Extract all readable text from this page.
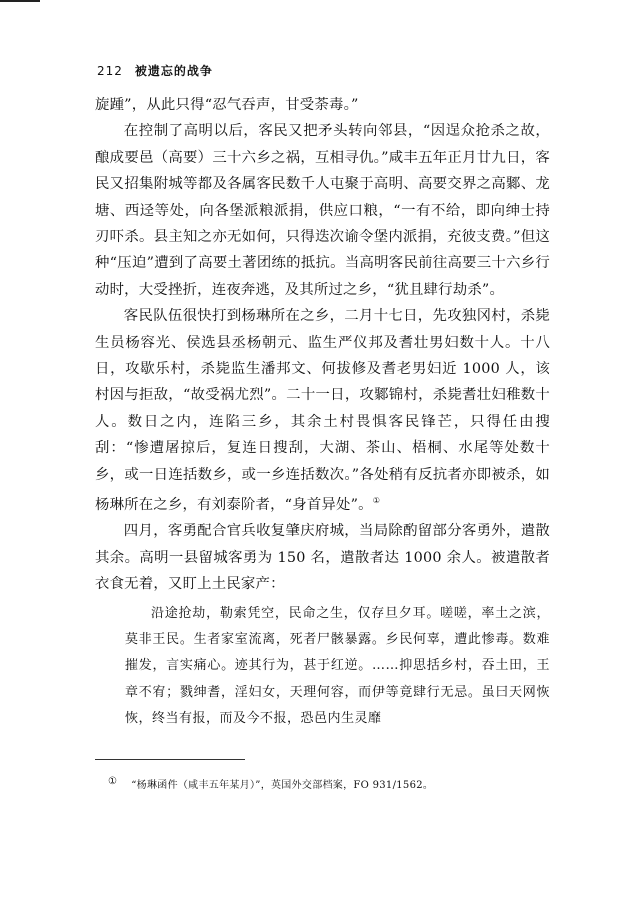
212 被遗忘的战争

旋踵”，从此只得“忍气吞声，甘受荼毒。”

在控制了高明以后，客民又把矛头转向邻县，“因逞众抢杀之故，酿成要邑（高要）三十六乡之祸，互相寻仇。”咸丰五年正月廿九日，客民又招集附城等都及各属客民数千人屯聚于高明、高要交界之高鄹、龙塘、西迳等处，向各堡派粮派捐，供应口粮，“一有不给，即向绅士持刃吓杀。县主知之亦无如何，只得迭次谕令堡内派捐，充彼支费。”但这种“压迫”遭到了高要土著团练的抵抗。当高明客民前往高要三十六乡行动时，大受挫折，连夜奔逃，及其所过之乡，“犹且肆行劫杀”。

客民队伍很快打到杨琳所在之乡，二月十七日，先攻独冈村，杀毙生员杨容光、侯选县丞杨朝元、监生严仪邦及耆壮男妇数十人。十八日，攻歇乐村，杀毙监生潘邦文、何拔修及耆老男妇近 1000 人，该村因与拒敌，“故受祸尤烈”。二十一日，攻鄹锦村，杀毙耆壮妇稚数十人。数日之内，连陷三乡，其余土村畏惧客民锋芒，只得任由搜刮：“惨遭屠掠后，复连日搜刮，大湖、茶山、梧桐、水尾等处数十乡，或一日连括数乡，或一乡连括数次。”各处稍有反抗者亦即被杀，如杨琳所在之乡，有刘泰阶者，“身首异处”。①

四月，客勇配合官兵收复肇庆府城，当局除酌留部分客勇外，遣散其余。高明一县留城客勇为 150 名，遣散者达 1000 余人。被遣散者衣食无着，又盯上土民家产：

沿途抢劫，勒索凭空，民命之生，仅存旦夕耳。嗟嗟，率土之滨，莫非王民。生者家室流离，死者尸骸暴露。乡民何辜，遭此惨毒。数难摧发，言实痛心。迹其行为，甚于红逆。……抑思括乡村，吞土田，王章不宥；戮绅耆，淫妇女，天理何容，而伊等竟肆行无忌。虽曰天网恢恢，终当有报，而及今不报，恐邑内生灵靡

① “杨琳函件（咸丰五年某月）”，英国外交部档案，FO 931/1562。
